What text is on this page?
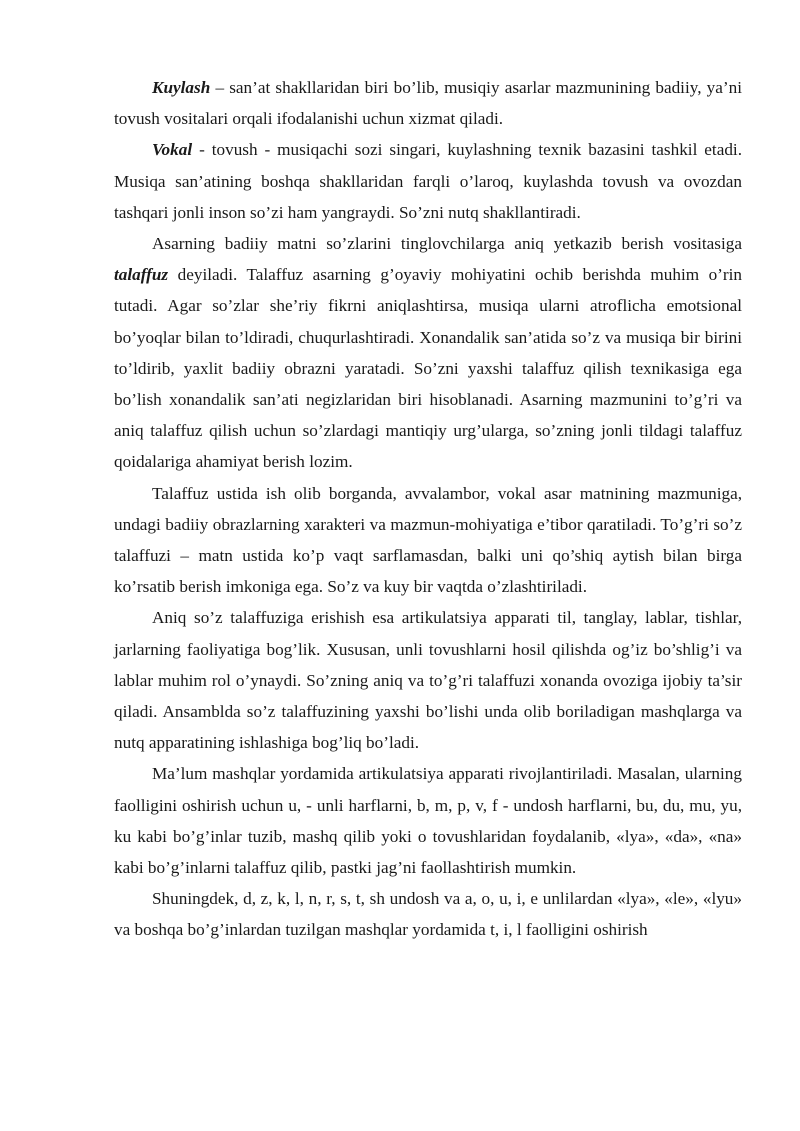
Kuylash – san’at shakllaridan biri bo’lib, musiqiy asarlar mazmunining badiiy, ya’ni tovush vositalari orqali ifodalanishi uchun xizmat qiladi.

Vokal - tovush - musiqachi sozi singari, kuylashning texnik bazasini tashkil etadi. Musiqa san’atining boshqa shakllaridan farqli o’laroq, kuylashda tovush va ovozdan tashqari jonli inson so’zi ham yangraydi. So’zni nutq shakllantiradi.

Asarning badiiy matni so’zlarini tinglovchilarga aniq yetkazib berish vositasiga talaffuz deyiladi. Talaffuz asarning g’oyaviy mohiyatini ochib berishda muhim o’rin tutadi. Agar so’zlar she’riy fikrni aniqlashtirsa, musiqa ularni atroflicha emotsional bo’yoqlar bilan to’ldiradi, chuqurlashtiradi. Xonandalik san’atida so’z va musiqa bir birini to’ldirib, yaxlit badiiy obrazni yaratadi. So’zni yaxshi talaffuz qilish texnikasiga ega bo’lish xonandalik san’ati negizlaridan biri hisoblanadi. Asarning mazmunini to’g’ri va aniq talaffuz qilish uchun so’zlardagi mantiqiy urg’ularga, so’zning jonli tildagi talaffuz qoidalariga ahamiyat berish lozim.

Talaffuz ustida ish olib borganda, avvalambor, vokal asar matnining mazmuniga, undagi badiiy obrazlarning xarakteri va mazmun-mohiyatiga e’tibor qaratiladi. To’g’ri so’z talaffuzi – matn ustida ko’p vaqt sarflamasdan, balki uni qo’shiq aytish bilan birga ko’rsatib berish imkoniga ega. So’z va kuy bir vaqtda o’zlashtiriladi.

Aniq so’z talaffuziga erishish esa artikulatsiya apparati til, tanglay, lablar, tishlar, jarlarning faoliyatiga bog’lik. Xususan, unli tovushlarni hosil qilishda og’iz bo’shlig’i va lablar muhim rol o’ynaydi. So’zning aniq va to’g’ri talaffuzi xonanda ovoziga ijobiy ta’sir qiladi. Ansamblda so’z talaffuzining yaxshi bo’lishi unda olib boriladigan mashqlarga va nutq apparatining ishlashiga bog’liq bo’ladi.

Ma’lum mashqlar yordamida artikulatsiya apparati rivojlantiriladi. Masalan, ularning faolligini oshirish uchun u, - unli harflarni, b, m, p, v, f - undosh harflarni, bu, du, mu, yu, ku kabi bo’g’inlar tuzib, mashq qilib yoki o tovushlaridan foydalanib, «lya», «da», «na» kabi bo’g’inlarni talaffuz qilib, pastki jag’ni faollashtirish mumkin.

Shuningdek, d, z, k, l, n, r, s, t, sh undosh va a, o, u, i, e unlilardan «lya», «le», «lyu» va boshqa bo’g’inlardan tuzilgan mashqlar yordamida t, i, l faolligini oshirish
